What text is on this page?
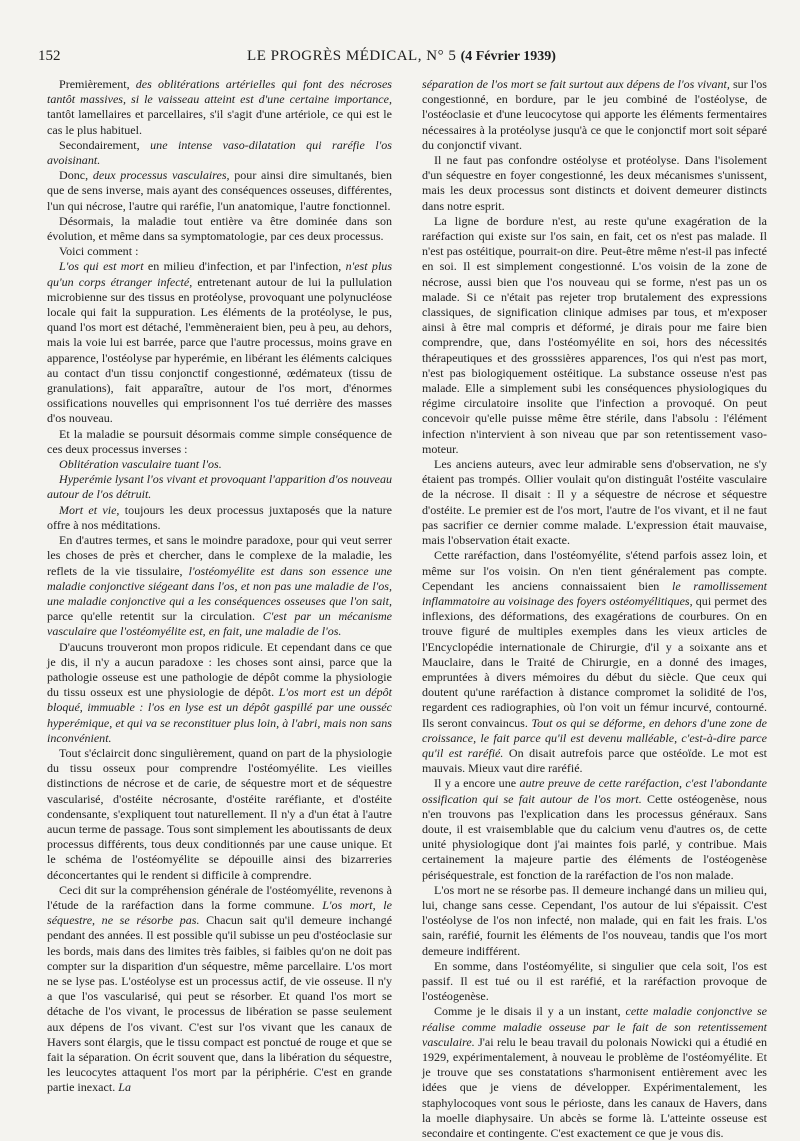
152	LE PROGRÈS MÉDICAL, N° 5 (4 Février 1939)

Premièrement, des oblitérations artérielles qui font des nécroses tantôt massives, si le vaisseau atteint est d'une certaine importance, tantôt lamellaires et parcellaires, s'il s'agit d'une artériole, ce qui est le cas le plus habituel.

Secondairement, une intense vaso-dilatation qui raréfie l'os avoisinant.

Donc, deux processus vasculaires, pour ainsi dire simultanés, bien que de sens inverse, mais ayant des conséquences osseuses, différentes, l'un qui nécrose, l'autre qui raréfie, l'un anatomique, l'autre fonctionnel.

Désormais, la maladie tout entière va être dominée dans son évolution, et même dans sa symptomatologie, par ces deux processus.

Voici comment :

L'os qui est mort en milieu d'infection, et par l'infection, n'est plus qu'un corps étranger infecté, entretenant autour de lui la pullulation microbienne sur des tissus en protéolyse, provoquant une polynucléose locale qui fait la suppuration. Les éléments de la protéolyse, le pus, quand l'os mort est détaché, l'emmèneraient bien, peu à peu, au dehors, mais la voie lui est barrée, parce que l'autre processus, moins grave en apparence, l'ostéolyse par hyperémie, en libérant les éléments calciques au contact d'un tissu conjonctif congestionné, œdémateux (tissu de granulations), fait apparaître, autour de l'os mort, d'énormes ossifications nouvelles qui emprisonnent l'os tué derrière des masses d'os nouveau.

Et la maladie se poursuit désormais comme simple conséquence de ces deux processus inverses :

Oblitération vasculaire tuant l'os.

Hyperémie lysant l'os vivant et provoquant l'apparition d'os nouveau autour de l'os détruit.

Mort et vie, toujours les deux processus juxtaposés que la nature offre à nos méditations.

En d'autres termes, et sans le moindre paradoxe, pour qui veut serrer les choses de près et chercher, dans le complexe de la maladie, les reflets de la vie tissulaire, l'ostéomyélite est dans son essence une maladie conjonctive siégeant dans l'os, et non pas une maladie de l'os, une maladie conjonctive qui a les conséquences osseuses que l'on sait, parce qu'elle retentit sur la circulation. C'est par un mécanisme vasculaire que l'ostéomyélite est, en fait, une maladie de l'os.

D'aucuns trouveront mon propos ridicule. Et cependant dans ce que je dis, il n'y a aucun paradoxe : les choses sont ainsi, parce que la pathologie osseuse est une pathologie de dépôt comme la physiologie du tissu osseux est une physiologie de dépôt. L'os mort est un dépôt bloqué, immuable : l'os en lyse est un dépôt gaspillé par une ousséc hyperémique, et qui va se reconstituer plus loin, à l'abri, mais non sans inconvénient.

Tout s'éclaircit donc singulièrement, quand on part de la physiologie du tissu osseux pour comprendre l'ostéomyélite. Les vieilles distinctions de nécrose et de carie, de séquestre mort et de séquestre vascularisé, d'ostéite nécrosante, d'ostéite raréfiante, et d'ostéite condensante, s'expliquent tout naturellement. Il n'y a d'un état à l'autre aucun terme de passage. Tous sont simplement les aboutissants de deux processus différents, tous deux conditionnés par une cause unique. Et le schéma de l'ostéomyélite se dépouille ainsi des bizarreries déconcertantes qui le rendent si difficile à comprendre.

Ceci dit sur la compréhension générale de l'ostéomyélite, revenons à l'étude de la raréfaction dans la forme commune. L'os mort, le séquestre, ne se résorbe pas. Chacun sait qu'il demeure inchangé pendant des années. Il est possible qu'il subisse un peu d'ostéoclasie sur les bords, mais dans des limites très faibles, si faibles qu'on ne doit pas compter sur la disparition d'un séquestre, même parcellaire. L'os mort ne se lyse pas. L'ostéolyse est un processus actif, de vie osseuse. Il n'y a que l'os vascularisé, qui peut se résorber. Et quand l'os mort se détache de l'os vivant, le processus de libération se passe seulement aux dépens de l'os vivant. C'est sur l'os vivant que les canaux de Havers sont élargis, que le tissu compact est ponctué de rouge et que se fait la séparation. On écrit souvent que, dans la libération du séquestre, les leucocytes attaquent l'os mort par la périphérie. C'est en grande partie inexact. La

séparation de l'os mort se fait surtout aux dépens de l'os vivant, sur l'os congestionné, en bordure, par le jeu combiné de l'ostéolyse, de l'ostéoclasie et d'une leucocytose qui apporte les éléments fermentaires nécessaires à la protéolyse jusqu'à ce que le conjonctif mort soit séparé du conjonctif vivant.

Il ne faut pas confondre ostéolyse et protéolyse. Dans l'isolement d'un séquestre en foyer congestionné, les deux mécanismes s'unissent, mais les deux processus sont distincts et doivent demeurer distincts dans notre esprit.

La ligne de bordure n'est, au reste qu'une exagération de la raréfaction qui existe sur l'os sain, en fait, cet os n'est pas malade. Il n'est pas ostéitique, pourrait-on dire. Peut-être même n'est-il pas infecté en soi. Il est simplement congestionné. L'os voisin de la zone de nécrose, aussi bien que l'os nouveau qui se forme, n'est pas un os malade. Si ce n'était pas rejeter trop brutalement des expressions classiques, de signification clinique admises par tous, et m'exposer ainsi à être mal compris et déformé, je dirais pour me faire bien comprendre, que, dans l'ostéomyélite en soi, hors des nécessités thérapeutiques et des grosssières apparences, l'os qui n'est pas mort, n'est pas biologiquement ostéitique. La substance osseuse n'est pas malade. Elle a simplement subi les conséquences physiologiques du régime circulatoire insolite que l'infection a provoqué. On peut concevoir qu'elle puisse même être stérile, dans l'absolu : l'élément infection n'intervient à son niveau que par son retentissement vaso-moteur.

Les anciens auteurs, avec leur admirable sens d'observation, ne s'y étaient pas trompés. Ollier voulait qu'on distinguât l'ostéite vasculaire de la nécrose. Il disait : Il y a séquestre de nécrose et séquestre d'ostéite. Le premier est de l'os mort, l'autre de l'os vivant, et il ne faut pas sacrifier ce dernier comme malade. L'expression était mauvaise, mais l'observation était exacte.

Cette raréfaction, dans l'ostéomyélite, s'étend parfois assez loin, et même sur l'os voisin. On n'en tient généralement pas compte. Cependant les anciens connaissaient bien le ramollissement inflammatoire au voisinage des foyers ostéomyélitiques, qui permet des inflexions, des déformations, des exagérations de courbures. On en trouve figuré de multiples exemples dans les vieux articles de l'Encyclopédie internationale de Chirurgie, d'il y a soixante ans et Mauclaire, dans le Traité de Chirurgie, en a donné des images, empruntées à divers mémoires du début du siècle. Que ceux qui doutent qu'une raréfaction à distance compromet la solidité de l'os, regardent ces radiographies, où l'on voit un fémur incurvé, contourné. Ils seront convaincus. Tout os qui se déforme, en dehors d'une zone de croissance, le fait parce qu'il est devenu malléable, c'est-à-dire parce qu'il est raréfié. On disait autrefois parce que ostéoïde. Le mot est mauvais. Mieux vaut dire raréfié.

Il y a encore une autre preuve de cette raréfaction, c'est l'abondante ossification qui se fait autour de l'os mort. Cette ostéogenèse, nous n'en trouvons pas l'explication dans les processus généraux. Sans doute, il est vraisemblable que du calcium venu d'autres os, de cette unité physiologique dont j'ai maintes fois parlé, y contribue. Mais certainement la majeure partie des éléments de l'ostéogenèse périséquestrale, est fonction de la raréfaction de l'os non malade.

L'os mort ne se résorbe pas. Il demeure inchangé dans un milieu qui, lui, change sans cesse. Cependant, l'os autour de lui s'épaissit. C'est l'ostéolyse de l'os non infecté, non malade, qui en fait les frais. L'os sain, raréfié, fournit les éléments de l'os nouveau, tandis que l'os mort demeure indifférent.

En somme, dans l'ostéomyélite, si singulier que cela soit, l'os est passif. Il est tué ou il est raréfié, et la raréfaction provoque de l'ostéogenèse.

Comme je le disais il y a un instant, cette maladie conjonctive se réalise comme maladie osseuse par le fait de son retentissement vasculaire. J'ai relu le beau travail du polonais Nowicki qui a étudié en 1929, expérimentalement, à nouveau le problème de l'ostéomyélite. Et je trouve que ses constatations s'harmonisent entièrement avec les idées que je viens de développer. Expérimentalement, les staphylocoques vont sous le périoste, dans les canaux de Havers, dans la moelle diaphysaire. Un abcès se forme là. L'atteinte osseuse est secondaire et contingente. C'est exactement ce que je vous dis.
